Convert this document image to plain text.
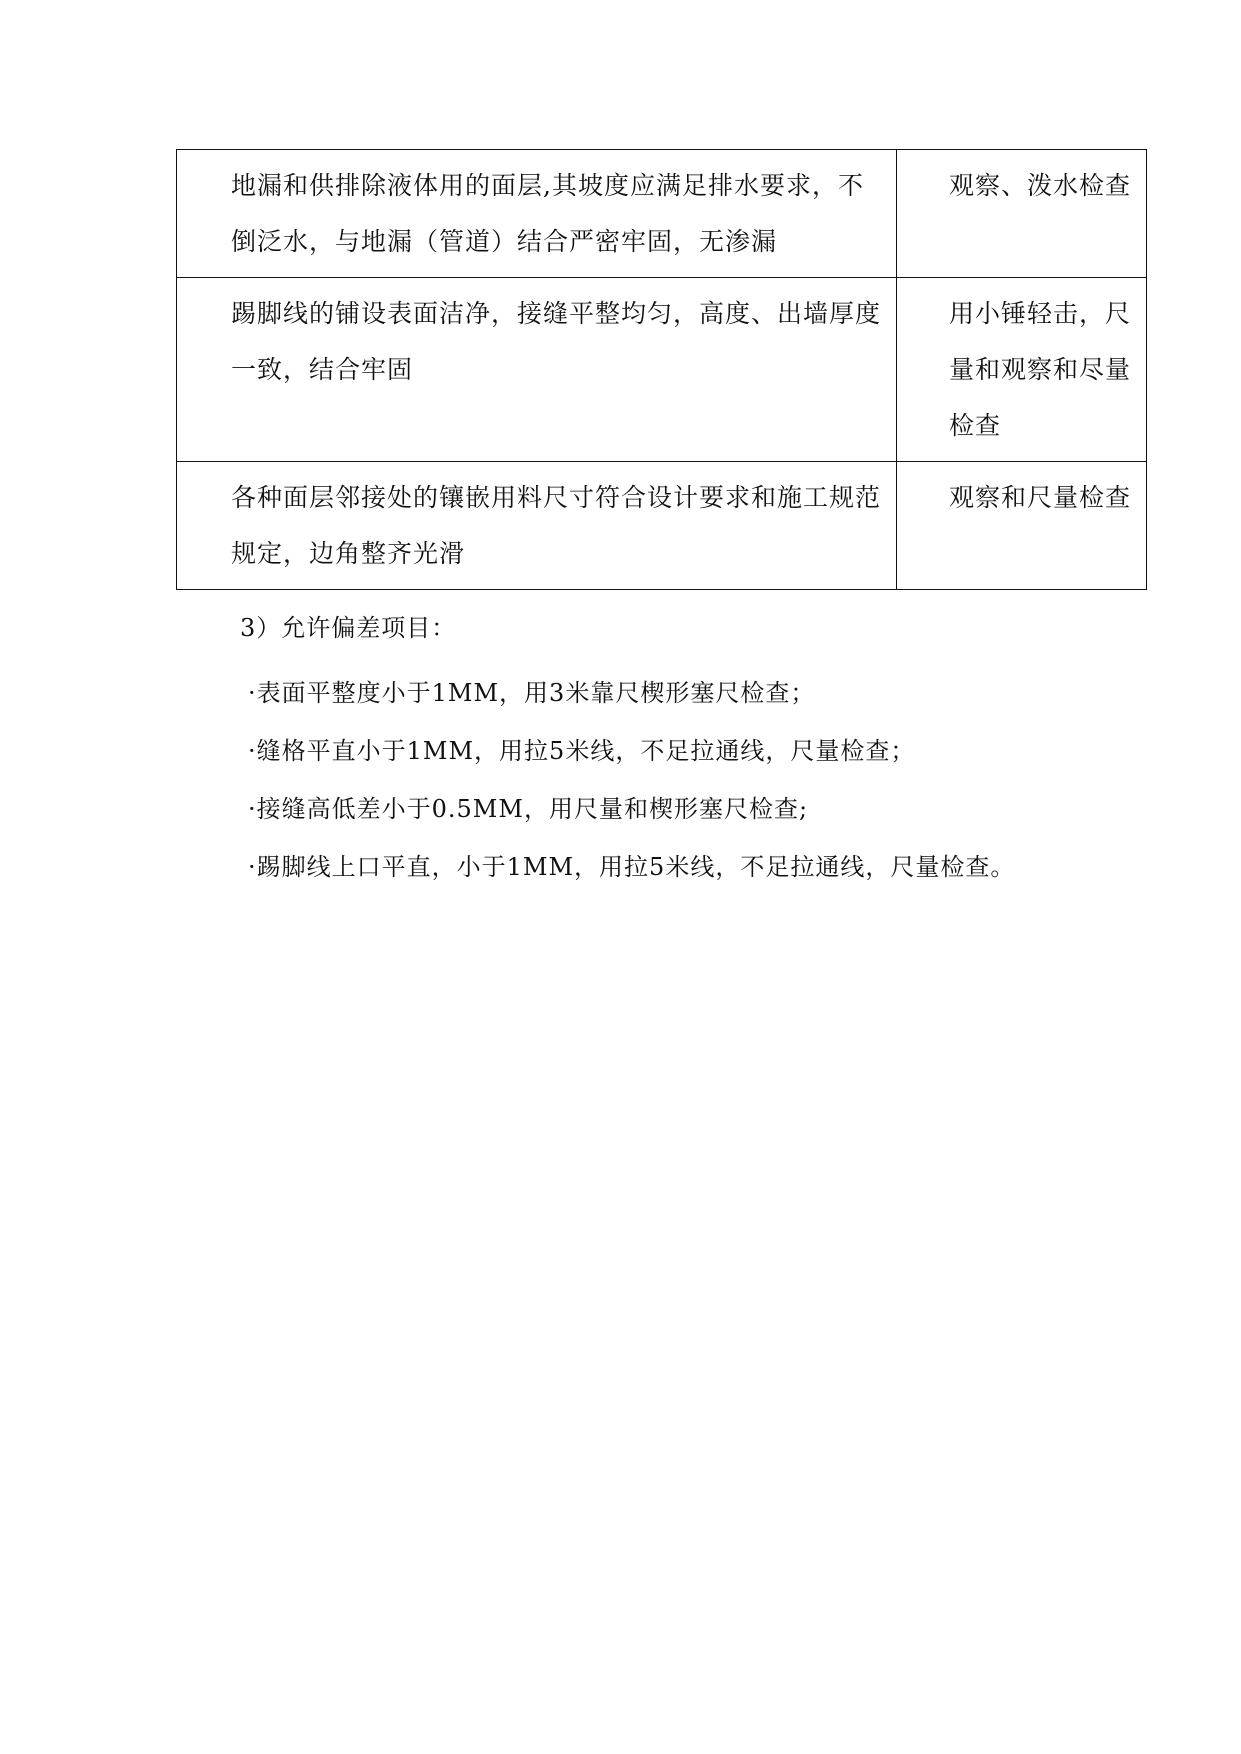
地漏和供排除液体用的面层,其坡度应满足排水要求，不倒泛水，与地漏（管道）结合严密牢固，无渗漏	观察、泼水检查

踢脚线的铺设表面洁净，接缝平整均匀，高度、出墙厚度一致，结合牢固	用小锤轻击，尺量和观察和尽量检查

各种面层邻接处的镶嵌用料尺寸符合设计要求和施工规范规定，边角整齐光滑	观察和尺量检查
3）允许偏差项目：
·表面平整度小于1MM，用3米靠尺楔形塞尺检查；
·缝格平直小于1MM，用拉5米线，不足拉通线，尺量检查；
·接缝高低差小于0.5MM，用尺量和楔形塞尺检查;
·踢脚线上口平直，小于1MM，用拉5米线，不足拉通线，尺量检查。
